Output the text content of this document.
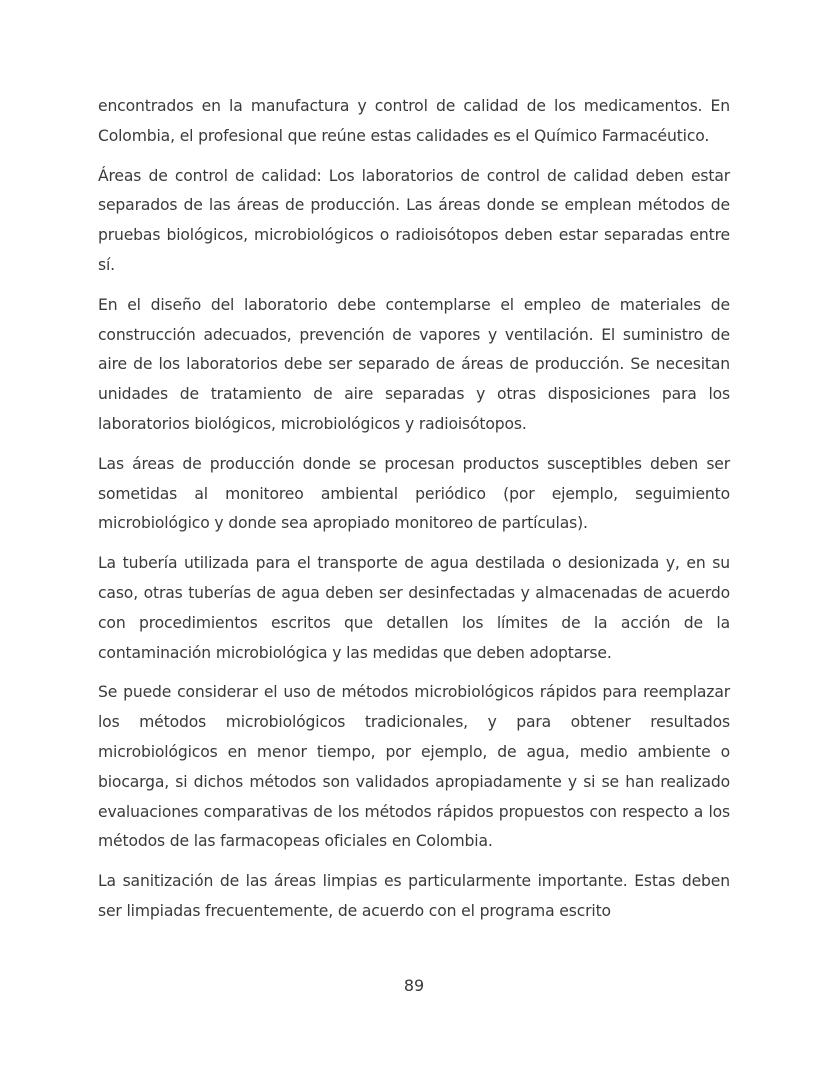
encontrados en la manufactura y control de calidad de los medicamentos. En Colombia, el profesional que reúne estas calidades es el Químico Farmacéutico.

Áreas de control de calidad: Los laboratorios de control de calidad deben estar separados de las áreas de producción. Las áreas donde se emplean métodos de pruebas biológicos, microbiológicos o radioisótopos deben estar separadas entre sí.

En el diseño del laboratorio debe contemplarse el empleo de materiales de construcción adecuados, prevención de vapores y ventilación. El suministro de aire de los laboratorios debe ser separado de áreas de producción. Se necesitan unidades de tratamiento de aire separadas y otras disposiciones para los laboratorios biológicos, microbiológicos y radioisótopos.

Las áreas de producción donde se procesan productos susceptibles deben ser sometidas al monitoreo ambiental periódico (por ejemplo, seguimiento microbiológico y donde sea apropiado monitoreo de partículas).

La tubería utilizada para el transporte de agua destilada o desionizada y, en su caso, otras tuberías de agua deben ser desinfectadas y almacenadas de acuerdo con procedimientos escritos que detallen los límites de la acción de la contaminación microbiológica y las medidas que deben adoptarse.

Se puede considerar el uso de métodos microbiológicos rápidos para reemplazar los métodos microbiológicos tradicionales, y para obtener resultados microbiológicos en menor tiempo, por ejemplo, de agua, medio ambiente o biocarga, si dichos métodos son validados apropiadamente y si se han realizado evaluaciones comparativas de los métodos rápidos propuestos con respecto a los métodos de las farmacopeas oficiales en Colombia.

La sanitización de las áreas limpias es particularmente importante. Estas deben ser limpiadas frecuentemente, de acuerdo con el programa escrito

89
